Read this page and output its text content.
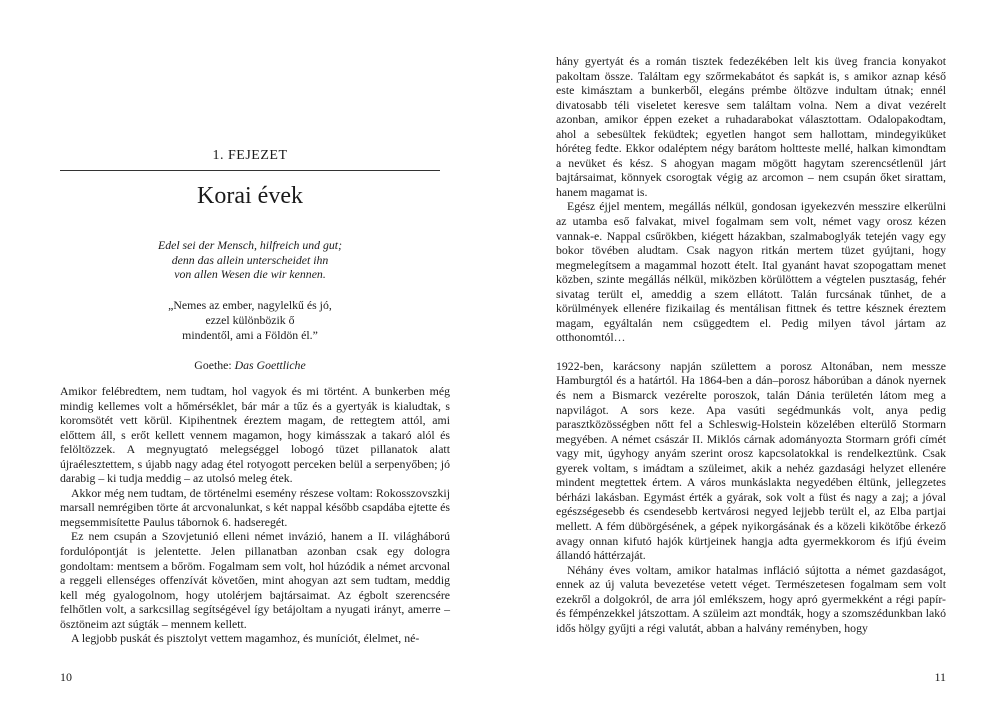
1. FEJEZET
Korai évek
Edel sei der Mensch, hilfreich und gut;
denn das allein unterscheidet ihn
von allen Wesen die wir kennen.
„Nemes az ember, nagylelkű és jó,
ezzel különbözik ő
mindentől, ami a Földön él.”
Goethe: Das Goettliche

Amikor felébredtem, nem tudtam, hol vagyok és mi történt. A bunkerben még mindig kellemes volt a hőmérséklet, bár már a tűz és a gyertyák is kialudtak, s koromsötét vett körül. Kipihentnek éreztem magam, de rettegtem attól, ami előttem áll, s erőt kellett vennem magamon, hogy kimásszak a takaró alól és felöltözzek. A megnyugtató melegséggel lobogó tüzet pillanatok alatt újraélesztettem, s újabb nagy adag étel rotyogott perceken belül a serpenyőben; jó darabig – ki tudja meddig – az utolsó meleg étek.

Akkor még nem tudtam, de történelmi esemény részese voltam: Rokosszovszkij marsall nemrégiben törte át arcvonalunkat, s két nappal később csapdába ejtette és megsemmisítette Paulus tábornok 6. hadseregét.

Ez nem csupán a Szovjetunió elleni német invázió, hanem a II. világháború fordulópontját is jelentette. Jelen pillanatban azonban csak egy dologra gondoltam: mentsem a bőröm. Fogalmam sem volt, hol húzódik a német arcvonal a reggeli ellenséges offenzívát követően, mint ahogyan azt sem tudtam, meddig kell még gyalogolnom, hogy utolérjem bajtársaimat. Az égbolt szerencsére felhőtlen volt, a sarkcsillag segítségével így betájoltam a nyugati irányt, amerre – ösztöneim azt súgták – mennem kellett.

A legjobb puskát és pisztolyt vettem magamhoz, és muníciót, élelmet, né-

10

hány gyertyát és a román tisztek fedezékében lelt kis üveg francia konyakot pakoltam össze. Találtam egy szőrmekabátot és sapkát is, s amikor aznap késő este kimásztam a bunkerből, elegáns prémbe öltözve indultam útnak; ennél divatosabb téli viseletet keresve sem találtam volna. Nem a divat vezérelt azonban, amikor éppen ezeket a ruhadarabokat választottam. Odalopakodtam, ahol a sebesültek feküdtek; egyetlen hangot sem hallottam, mindegyiküket hóréteg fedte. Ekkor odaléptem négy barátom holtteste mellé, halkan kimondtam a nevüket és kész. S ahogyan magam mögött hagytam szerencsétlenül járt bajtársaimat, könnyek csorogtak végig az arcomon – nem csupán őket sirattam, hanem magamat is.

Egész éjjel mentem, megállás nélkül, gondosan igyekezvén messzire elkerülni az utamba eső falvakat, mivel fogalmam sem volt, német vagy orosz kézen vannak-e. Nappal csűrökben, kiégett házakban, szalmaboglyák tetején vagy egy bokor tövében aludtam. Csak nagyon ritkán mertem tüzet gyújtani, hogy megmelegítsem a magammal hozott ételt. Ital gyanánt havat szopogattam menet közben, szinte megállás nélkül, miközben körülöttem a végtelen pusztaság, fehér sivatag terült el, ameddig a szem ellátott. Talán furcsának tűnhet, de a körülmények ellenére fizikailag és mentálisan fittnek és tettre késznek éreztem magam, egyáltalán nem csüggedtem el. Pedig milyen távol jártam az otthonomtól…

1922-ben, karácsony napján születtem a porosz Altonában, nem messze Hamburgtól és a határtól. Ha 1864-ben a dán–porosz háborúban a dánok nyernek és nem a Bismarck vezérelte poroszok, talán Dánia területén látom meg a napvilágot. A sors keze. Apa vasúti segédmunkás volt, anya pedig parasztközösségben nőtt fel a Schleswig-Holstein közelében elterülő Stormarn megyében. A német császár II. Miklós cárnak adományozta Stormarn grófi címét vagy mit, úgyhogy anyám szerint orosz kapcsolatokkal is rendelkeztünk. Csak gyerek voltam, s imádtam a szüleimet, akik a nehéz gazdasági helyzet ellenére mindent megtettek értem. A város munkáslakta negyedében éltünk, jellegzetes bérházi lakásban. Egymást érték a gyárak, sok volt a füst és nagy a zaj; a jóval egészségesebb és csendesebb kertvárosi negyed lejjebb terült el, az Elba partjai mellett. A fém dübörgésének, a gépek nyikorgásának és a közeli kikötőbe érkező avagy onnan kifutó hajók kürtjeinek hangja adta gyermekkorom és ifjú éveim állandó háttérzaját.

Néhány éves voltam, amikor hatalmas infláció sújtotta a német gazdaságot, ennek az új valuta bevezetése vetett véget. Természetesen fogalmam sem volt ezekről a dolgokról, de arra jól emlékszem, hogy apró gyermekként a régi papír- és fémpénzekkel játszottam. A szüleim azt mondták, hogy a szomszédunkban lakó idős hölgy gyűjti a régi valutát, abban a halvány reményben, hogy

11
